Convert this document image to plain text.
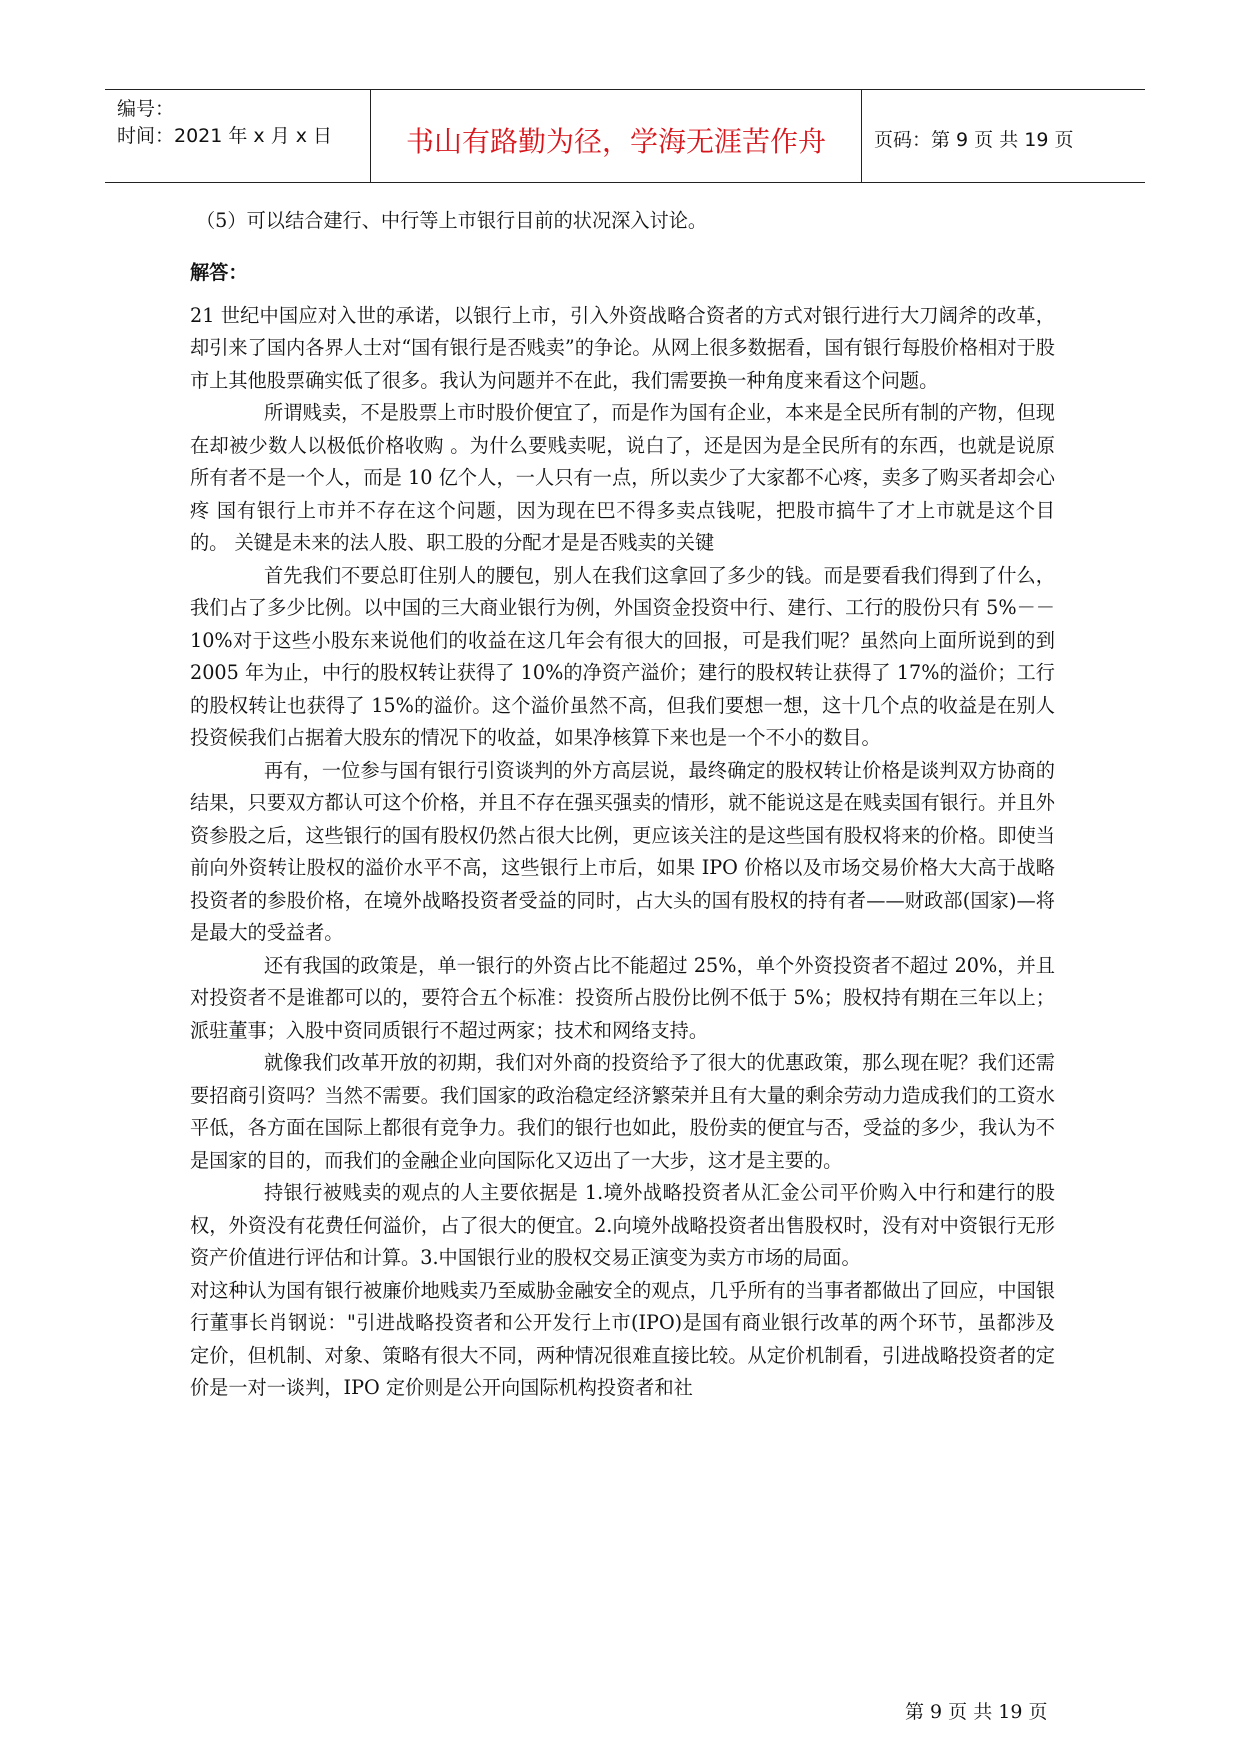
编号：
时间：2021 年 x 月 x 日	书山有路勤为径，学海无涯苦作舟	页码：第 9 页 共 19 页

（5）可以结合建行、中行等上市银行目前的状况深入讨论。

解答：

21 世纪中国应对入世的承诺，以银行上市，引入外资战略合资者的方式对银行进行大刀阔斧的改革，却引来了国内各界人士对“国有银行是否贱卖”的争论。从网上很多数据看，国有银行每股价格相对于股市上其他股票确实低了很多。我认为问题并不在此，我们需要换一种角度来看这个问题。

所谓贱卖，不是股票上市时股价便宜了，而是作为国有企业，本来是全民所有制的产物，但现在却被少数人以极低价格收购 。为什么要贱卖呢，说白了，还是因为是全民所有的东西，也就是说原所有者不是一个人，而是 10 亿个人，一人只有一点，所以卖少了大家都不心疼，卖多了购买者却会心疼 国有银行上市并不存在这个问题，因为现在巴不得多卖点钱呢，把股市搞牛了才上市就是这个目的。 关键是未来的法人股、职工股的分配才是是否贱卖的关键

首先我们不要总盯住别人的腰包，别人在我们这拿回了多少的钱。而是要看我们得到了什么，我们占了多少比例。以中国的三大商业银行为例，外国资金投资中行、建行、工行的股份只有 5%－－10%对于这些小股东来说他们的收益在这几年会有很大的回报，可是我们呢？虽然向上面所说到的到 2005 年为止，中行的股权转让获得了 10%的净资产溢价；建行的股权转让获得了 17%的溢价；工行的股权转让也获得了 15%的溢价。这个溢价虽然不高，但我们要想一想，这十几个点的收益是在别人投资候我们占据着大股东的情况下的收益，如果净核算下来也是一个不小的数目。

再有，一位参与国有银行引资谈判的外方高层说，最终确定的股权转让价格是谈判双方协商的结果，只要双方都认可这个价格，并且不存在强买强卖的情形，就不能说这是在贱卖国有银行。并且外资参股之后，这些银行的国有股权仍然占很大比例，更应该关注的是这些国有股权将来的价格。即使当前向外资转让股权的溢价水平不高，这些银行上市后，如果 IPO 价格以及市场交易价格大大高于战略投资者的参股价格，在境外战略投资者受益的同时，占大头的国有股权的持有者——财政部(国家)—将是最大的受益者。

还有我国的政策是，单一银行的外资占比不能超过 25%，单个外资投资者不超过 20%，并且对投资者不是谁都可以的，要符合五个标准：投资所占股份比例不低于 5%；股权持有期在三年以上；派驻董事；入股中资同质银行不超过两家；技术和网络支持。

就像我们改革开放的初期，我们对外商的投资给予了很大的优惠政策，那么现在呢？我们还需要招商引资吗？当然不需要。我们国家的政治稳定经济繁荣并且有大量的剩余劳动力造成我们的工资水平低，各方面在国际上都很有竞争力。我们的银行也如此，股份卖的便宜与否，受益的多少，我认为不是国家的目的，而我们的金融企业向国际化又迈出了一大步，这才是主要的。

持银行被贱卖的观点的人主要依据是 1.境外战略投资者从汇金公司平价购入中行和建行的股权，外资没有花费任何溢价，占了很大的便宜。2.向境外战略投资者出售股权时，没有对中资银行无形资产价值进行评估和计算。3.中国银行业的股权交易正演变为卖方市场的局面。

对这种认为国有银行被廉价地贱卖乃至威胁金融安全的观点，几乎所有的当事者都做出了回应，中国银行董事长肖钢说："引进战略投资者和公开发行上市(IPO)是国有商业银行改革的两个环节，虽都涉及定价，但机制、对象、策略有很大不同，两种情况很难直接比较。从定价机制看，引进战略投资者的定价是一对一谈判，IPO 定价则是公开向国际机构投资者和社

第 9 页 共 19 页
